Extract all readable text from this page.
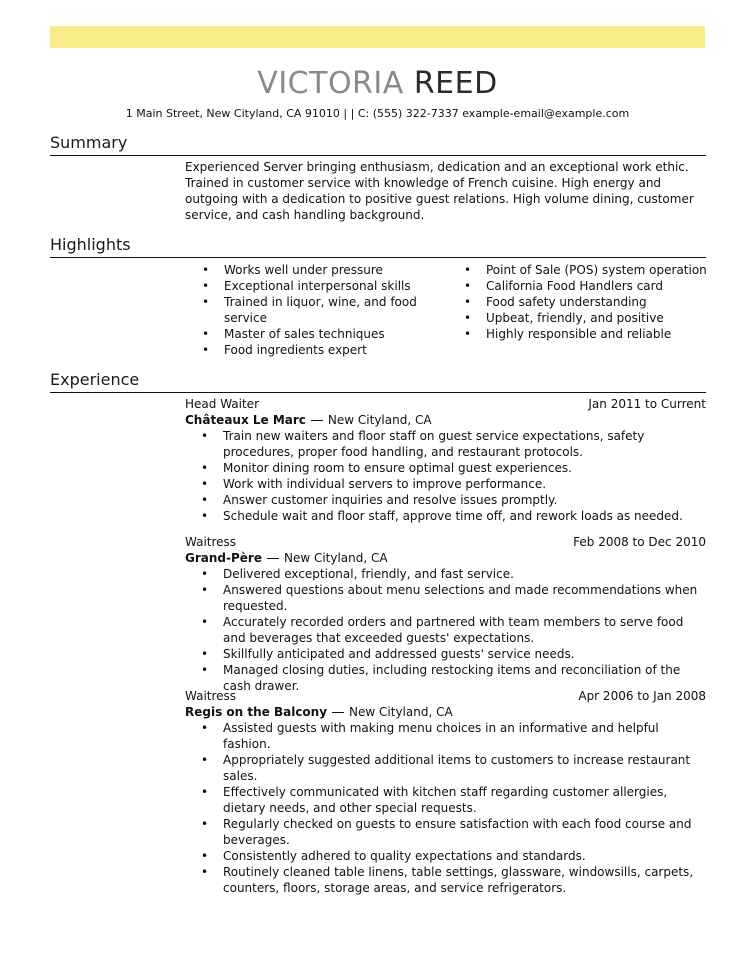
VICTORIA REED
1 Main Street, New Cityland, CA 91010 | | C: (555) 322-7337 example-email@example.com
Summary
Experienced Server bringing enthusiasm, dedication and an exceptional work ethic. Trained in customer service with knowledge of French cuisine. High energy and outgoing with a dedication to positive guest relations. High volume dining, customer service, and cash handling background.
Highlights
• Works well under pressure
• Exceptional interpersonal skills
• Trained in liquor, wine, and food service
• Master of sales techniques
• Food ingredients expert
• Point of Sale (POS) system operation
• California Food Handlers card
• Food safety understanding
• Upbeat, friendly, and positive
• Highly responsible and reliable
Experience
Head Waiter	Jan 2011 to Current
Châteaux Le Marc New Cityland, CA
• Train new waiters and floor staff on guest service expectations, safety procedures, proper food handling, and restaurant protocols.
• Monitor dining room to ensure optimal guest experiences.
• Work with individual servers to improve performance.
• Answer customer inquiries and resolve issues promptly.
• Schedule wait and floor staff, approve time off, and rework loads as needed.
Waitress	Feb 2008 to Dec 2010
Grand-Père New Cityland, CA
• Delivered exceptional, friendly, and fast service.
• Answered questions about menu selections and made recommendations when requested.
• Accurately recorded orders and partnered with team members to serve food and beverages that exceeded guests' expectations.
• Skillfully anticipated and addressed guests' service needs.
• Managed closing duties, including restocking items and reconciliation of the cash drawer.
Waitress	Apr 2006 to Jan 2008
Regis on the Balcony New Cityland, CA
• Assisted guests with making menu choices in an informative and helpful fashion.
• Appropriately suggested additional items to customers to increase restaurant sales.
• Effectively communicated with kitchen staff regarding customer allergies, dietary needs, and other special requests.
• Regularly checked on guests to ensure satisfaction with each food course and beverages.
• Consistently adhered to quality expectations and standards.
• Routinely cleaned table linens, table settings, glassware, windowsills, carpets, counters, floors, storage areas, and service refrigerators.
